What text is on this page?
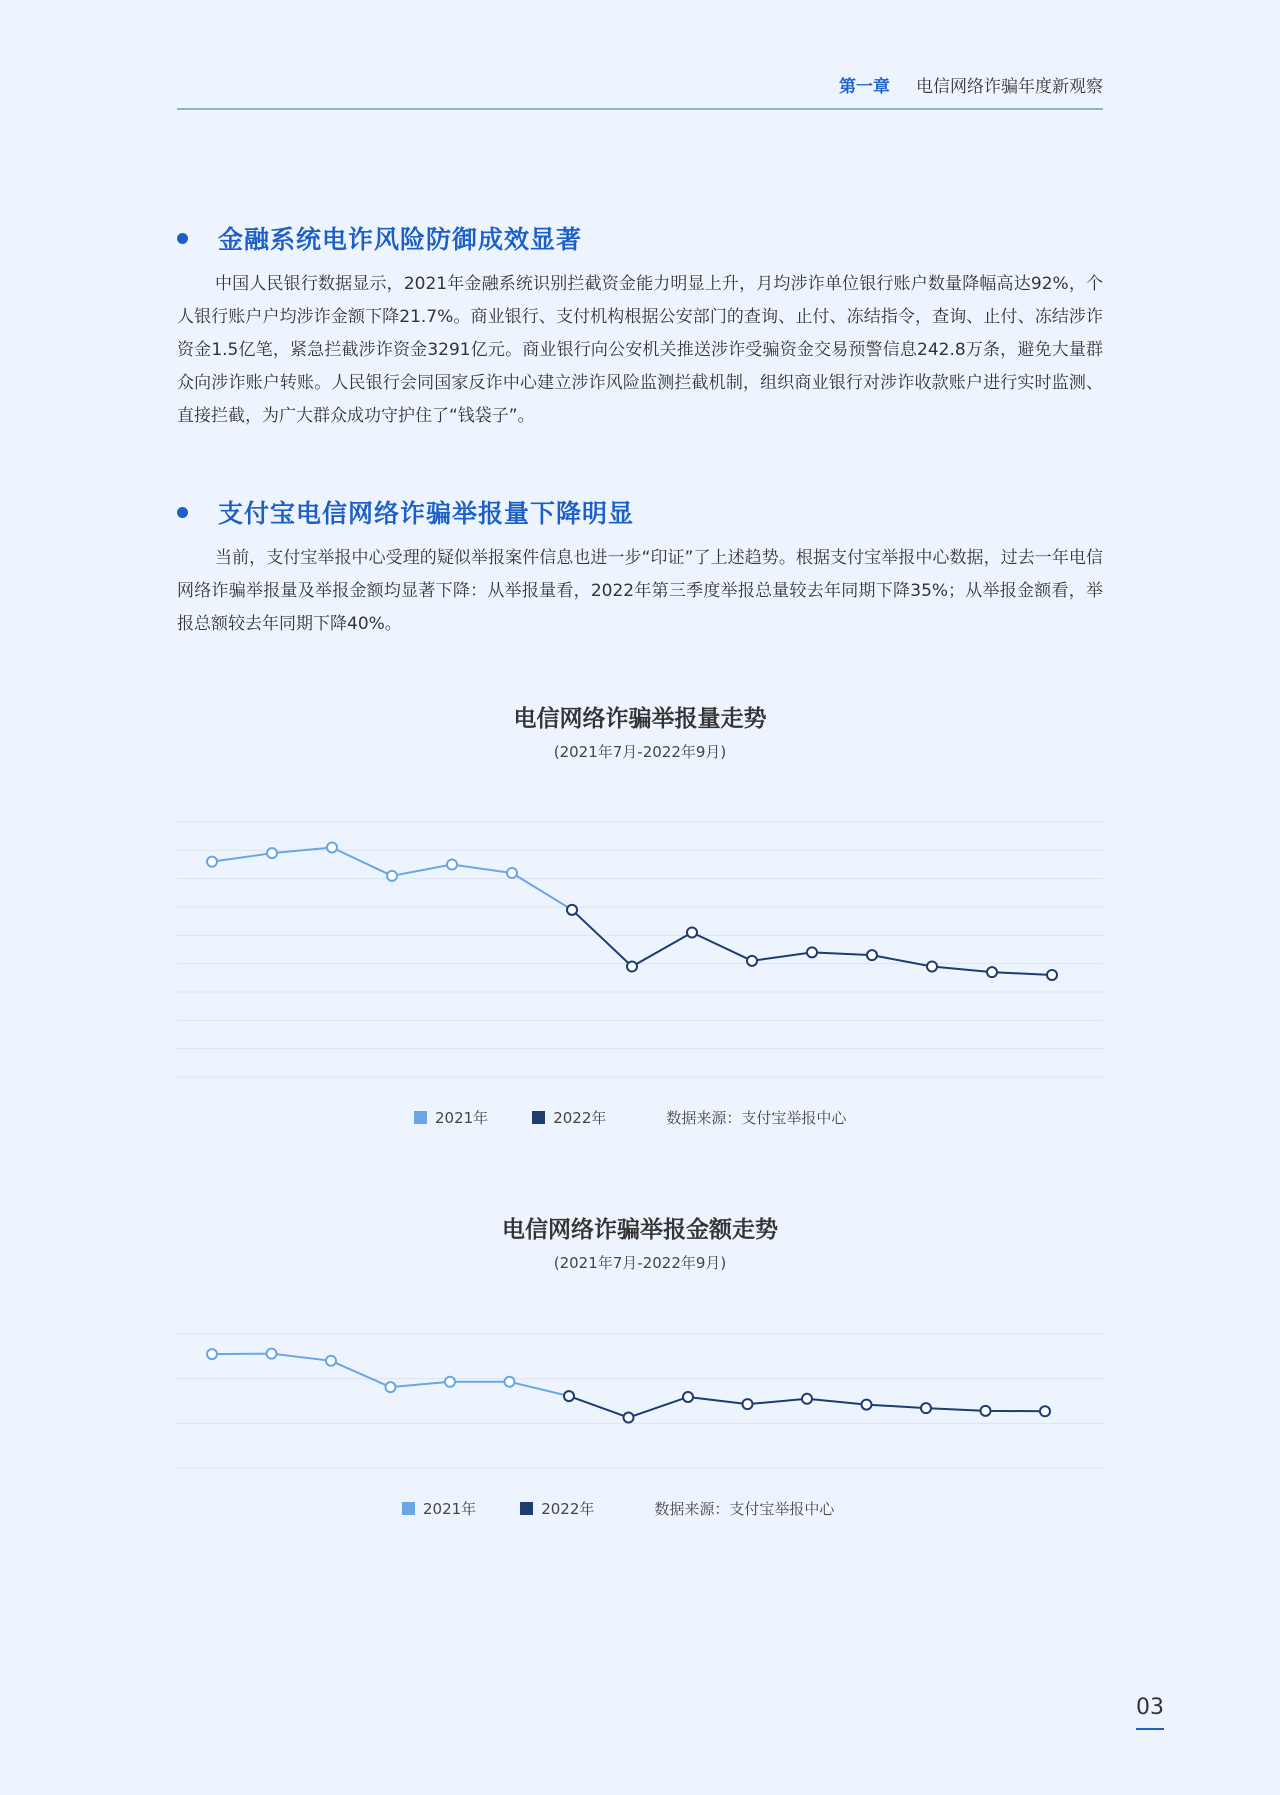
第一章 电信网络诈骗年度新观察
金融系统电诈风险防御成效显著
中国人民银行数据显示，2021年金融系统识别拦截资金能力明显上升，月均涉诈单位银行账户数量降幅高达92%，个人银行账户户均涉诈金额下降21.7%。商业银行、支付机构根据公安部门的查询、止付、冻结指令，查询、止付、冻结涉诈资金1.5亿笔，紧急拦截涉诈资金3291亿元。商业银行向公安机关推送涉诈受骗资金交易预警信息242.8万条，避免大量群众向涉诈账户转账。人民银行会同国家反诈中心建立涉诈风险监测拦截机制，组织商业银行对涉诈收款账户进行实时监测、直接拦截，为广大群众成功守护住了“钱袋子”。
支付宝电信网络诈骗举报量下降明显
当前，支付宝举报中心受理的疑似举报案件信息也进一步“印证”了上述趋势。根据支付宝举报中心数据，过去一年电信网络诈骗举报量及举报金额均显著下降：从举报量看，2022年第三季度举报总量较去年同期下降35%；从举报金额看，举报总额较去年同期下降40%。
电信网络诈骗举报量走势
(2021年7月-2022年9月)
2021年	2022年	数据来源：支付宝举报中心
电信网络诈骗举报金额走势
(2021年7月-2022年9月)
2021年	2022年	数据来源：支付宝举报中心
03
